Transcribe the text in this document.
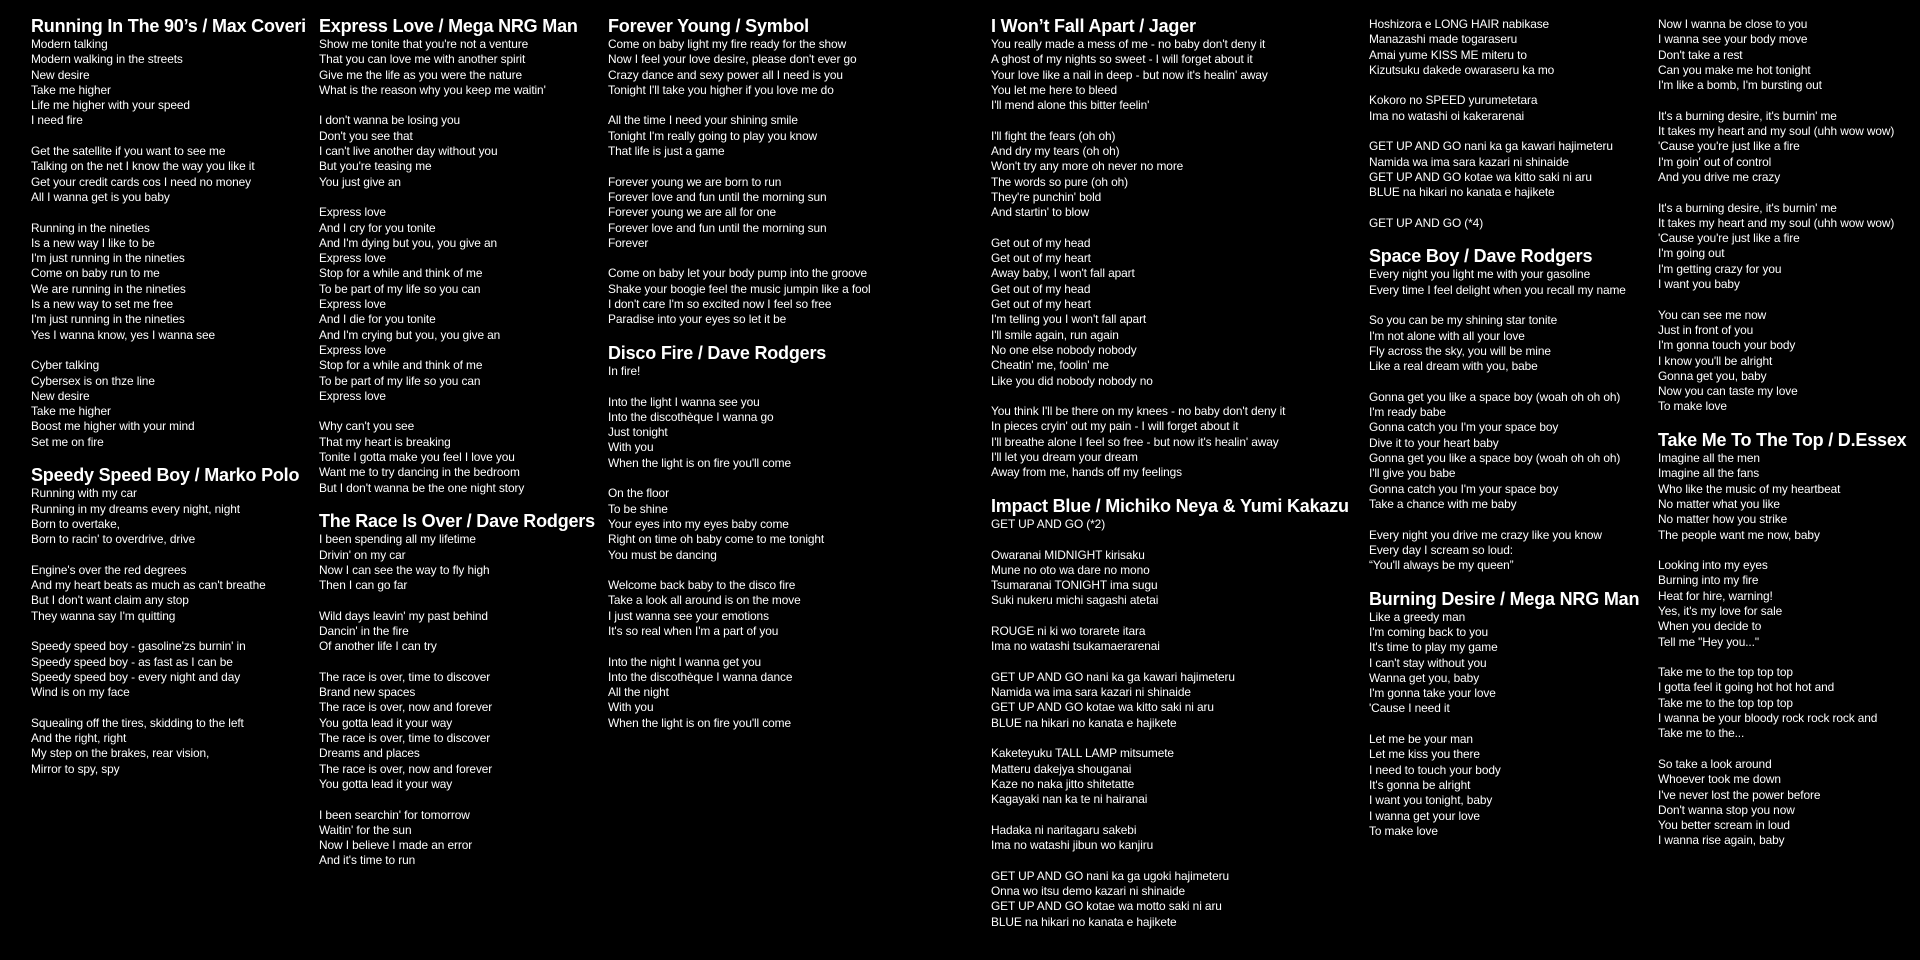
Running In The 90’s / Max Coveri
Modern talking
Modern walking in the streets
New desire
Take me higher
Life me higher with your speed
I need fire
Get the satellite if you want to see me
Talking on the net I know the way you like it
Get your credit cards cos I need no money
All I wanna get is you baby
Running in the nineties
Is a new way I like to be
I'm just running in the nineties
Come on baby run to me
We are running in the nineties
Is a new way to set me free
I'm just running in the nineties
Yes I wanna know, yes I wanna see
Cyber talking
Cybersex is on thze line
New desire
Take me higher
Boost me higher with your mind
Set me on fire
Speedy Speed Boy / Marko Polo
Running with my car
Running in my dreams every night, night
Born to overtake,
Born to racin' to overdrive, drive
Engine's over the red degrees
And my heart beats as much as can't breathe
But I don't want claim any stop
They wanna say I'm quitting
Speedy speed boy - gasoline'zs burnin' in
Speedy speed boy - as fast as I can be
Speedy speed boy - every night and day
Wind is on my face
Squealing off the tires, skidding to the left
And the right, right
My step on the brakes, rear vision,
Mirror to spy, spy
Express Love / Mega NRG Man
Show me tonite that you're not a venture
That you can love me with another spirit
Give me the life as you were the nature
What is the reason why you keep me waitin'
I don't wanna be losing you
Don't you see that
I can't live another day without you
But you're teasing me
You just give an
Express love
And I cry for you tonite
And I'm dying but you, you give an
Express love
Stop for a while and think of me
To be part of my life so you can
Express love
And I die for you tonite
And I'm crying but you, you give an
Express love
Stop for a while and think of me
To be part of my life so you can
Express love
Why can't you see
That my heart is breaking
Tonite I gotta make you feel I love you
Want me to try dancing in the bedroom
But I don't wanna be the one night story
The Race Is Over / Dave Rodgers
I been spending all my lifetime
Drivin' on my car
Now I can see the way to fly high
Then I can go far
Wild days leavin' my past behind
Dancin' in the fire
Of another life I can try
The race is over, time to discover
Brand new spaces
The race is over, now and forever
You gotta lead it your way
The race is over, time to discover
Dreams and places
The race is over, now and forever
You gotta lead it your way
I been searchin' for tomorrow
Waitin' for the sun
Now I believe I made an error
And it's time to run
Forever Young / Symbol
Come on baby light my fire ready for the show
Now I feel your love desire, please don't ever go
Crazy dance and sexy power all I need is you
Tonight I'll take you higher if you love me do
All the time I need your shining smile
Tonight I'm really going to play you know
That life is just a game
Forever young we are born to run
Forever love and fun until the morning sun
Forever young we are all for one
Forever love and fun until the morning sun
Forever
Come on baby let your body pump into the groove
Shake your boogie feel the music jumpin like a fool
I don't care I'm so excited now I feel so free
Paradise into your eyes so let it be
Disco Fire / Dave Rodgers
In fire!
Into the light I wanna see you
Into the discothèque I wanna go
Just tonight
With you
When the light is on fire you'll come
On the floor
To be shine
Your eyes into my eyes baby come
Right on time oh baby come to me tonight
You must be dancing
Welcome back baby to the disco fire
Take a look all around is on the move
I just wanna see your emotions
It's so real when I'm a part of you
Into the night I wanna get you
Into the discothèque I wanna dance
All the night
With you
When the light is on fire you'll come
I Won’t Fall Apart / Jager
You really made a mess of me - no baby don't deny it
A ghost of my nights so sweet - I will forget about it
Your love like a nail in deep - but now it's healin' away
You let me here to bleed
I'll mend alone this bitter feelin'
I'll fight the fears (oh oh)
And dry my tears (oh oh)
Won't try any more oh never no more
The words so pure (oh oh)
They're punchin' bold
And startin' to blow
Get out of my head
Get out of my heart
Away baby, I won't fall apart
Get out of my head
Get out of my heart
I'm telling you I won't fall apart
I'll smile again, run again
No one else nobody nobody
Cheatin' me, foolin' me
Like you did nobody nobody no
You think I'll be there on my knees - no baby don't deny it
In pieces cryin' out my pain - I will forget about it
I'll breathe alone I feel so free - but now it's healin' away
I'll let you dream your dream
Away from me, hands off my feelings
Impact Blue / Michiko Neya & Yumi Kakazu
GET UP AND GO (*2)
Owaranai MIDNIGHT kirisaku
Mune no oto wa dare no mono
Tsumaranai TONIGHT ima sugu
Suki nukeru michi sagashi atetai
ROUGE ni ki wo torarete itara
Ima no watashi tsukamaerarenai
GET UP AND GO nani ka ga kawari hajimeteru
Namida wa ima sara kazari ni shinaide
GET UP AND GO kotae wa kitto saki ni aru
BLUE na hikari no kanata e hajikete
Kaketeyuku TALL LAMP mitsumete
Matteru dakejya shouganai
Kaze no naka jitto shitetatte
Kagayaki nan ka te ni hairanai
Hadaka ni naritagaru sakebi
Ima no watashi jibun wo kanjiru
GET UP AND GO nani ka ga ugoki hajimeteru
Onna wo itsu demo kazari ni shinaide
GET UP AND GO kotae wa motto saki ni aru
BLUE na hikari no kanata e hajikete
Hoshizora e LONG HAIR nabikase
Manazashi made togaraseru
Amai yume KISS ME miteru to
Kizutsuku dakede owaraseru ka mo
Kokoro no SPEED yurumetetara
Ima no watashi oi kakerarenai
GET UP AND GO nani ka ga kawari hajimeteru
Namida wa ima sara kazari ni shinaide
GET UP AND GO kotae wa kitto saki ni aru
BLUE na hikari no kanata e hajikete
GET UP AND GO (*4)
Space Boy / Dave Rodgers
Every night you light me with your gasoline
Every time I feel delight when you recall my name
So you can be my shining star tonite
I'm not alone with all your love
Fly across the sky, you will be mine
Like a real dream with you, babe
Gonna get you like a space boy (woah oh oh oh)
I'm ready babe
Gonna catch you I'm your space boy
Dive it to your heart baby
Gonna get you like a space boy (woah oh oh oh)
I'll give you babe
Gonna catch you I'm your space boy
Take a chance with me baby
Every night you drive me crazy like you know
Every day I scream so loud:
“You'll always be my queen”
Burning Desire / Mega NRG Man
Like a greedy man
I'm coming back to you
It's time to play my game
I can't stay without you
Wanna get you, baby
I'm gonna take your love
'Cause I need it
Let me be your man
Let me kiss you there
I need to touch your body
It's gonna be alright
I want you tonight, baby
I wanna get your love
To make love
Now I wanna be close to you
I wanna see your body move
Don't take a rest
Can you make me hot tonight
I'm like a bomb, I'm bursting out
It's a burning desire, it's burnin' me
It takes my heart and my soul (uhh wow wow)
'Cause you're just like a fire
I'm goin' out of control
And you drive me crazy
It's a burning desire, it's burnin' me
It takes my heart and my soul (uhh wow wow)
'Cause you're just like a fire
I'm going out
I'm getting crazy for you
I want you baby
You can see me now
Just in front of you
I'm gonna touch your body
I know you'll be alright
Gonna get you, baby
Now you can taste my love
To make love
Take Me To The Top / D.Essex
Imagine all the men
Imagine all the fans
Who like the music of my heartbeat
No matter what you like
No matter how you strike
The people want me now, baby
Looking into my eyes
Burning into my fire
Heat for hire, warning!
Yes, it's my love for sale
When you decide to
Tell me "Hey you..."
Take me to the top top top
I gotta feel it going hot hot hot and
Take me to the top top top
I wanna be your bloody rock rock rock and
Take me to the...
So take a look around
Whoever took me down
I've never lost the power before
Don't wanna stop you now
You better scream in loud
I wanna rise again, baby
